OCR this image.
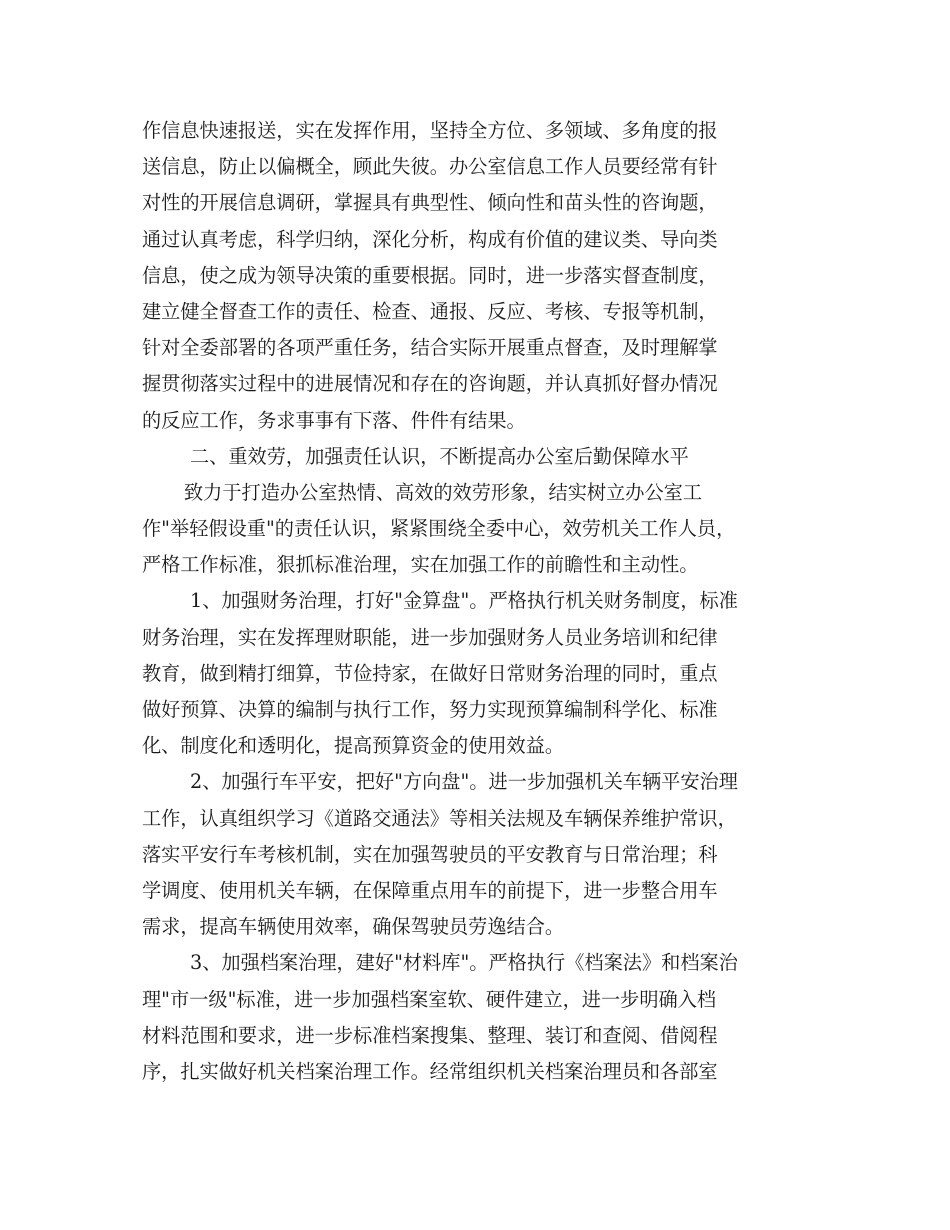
作信息快速报送，实在发挥作用，坚持全方位、多领域、多角度的报
送信息，防止以偏概全，顾此失彼。办公室信息工作人员要经常有针
对性的开展信息调研，掌握具有典型性、倾向性和苗头性的咨询题，
通过认真考虑，科学归纳，深化分析，构成有价值的建议类、导向类
信息，使之成为领导决策的重要根据。同时，进一步落实督查制度，
建立健全督查工作的责任、检查、通报、反应、考核、专报等机制，
针对全委部署的各项严重任务，结合实际开展重点督查，及时理解掌
握贯彻落实过程中的进展情况和存在的咨询题，并认真抓好督办情况
的反应工作，务求事事有下落、件件有结果。
二、重效劳，加强责任认识，不断提高办公室后勤保障水平
致力于打造办公室热情、高效的效劳形象，结实树立办公室工
作"举轻假设重"的责任认识，紧紧围绕全委中心，效劳机关工作人员，
严格工作标准，狠抓标准治理，实在加强工作的前瞻性和主动性。
1、加强财务治理，打好"金算盘"。严格执行机关财务制度，标准
财务治理，实在发挥理财职能，进一步加强财务人员业务培训和纪律
教育，做到精打细算，节俭持家，在做好日常财务治理的同时，重点
做好预算、决算的编制与执行工作，努力实现预算编制科学化、标准
化、制度化和透明化，提高预算资金的使用效益。
2、加强行车平安，把好"方向盘"。进一步加强机关车辆平安治理
工作，认真组织学习《道路交通法》等相关法规及车辆保养维护常识，
落实平安行车考核机制，实在加强驾驶员的平安教育与日常治理；科
学调度、使用机关车辆，在保障重点用车的前提下，进一步整合用车
需求，提高车辆使用效率，确保驾驶员劳逸结合。
3、加强档案治理，建好"材料库"。严格执行《档案法》和档案治
理"市一级"标准，进一步加强档案室软、硬件建立，进一步明确入档
材料范围和要求，进一步标准档案搜集、整理、装订和查阅、借阅程
序，扎实做好机关档案治理工作。经常组织机关档案治理员和各部室
